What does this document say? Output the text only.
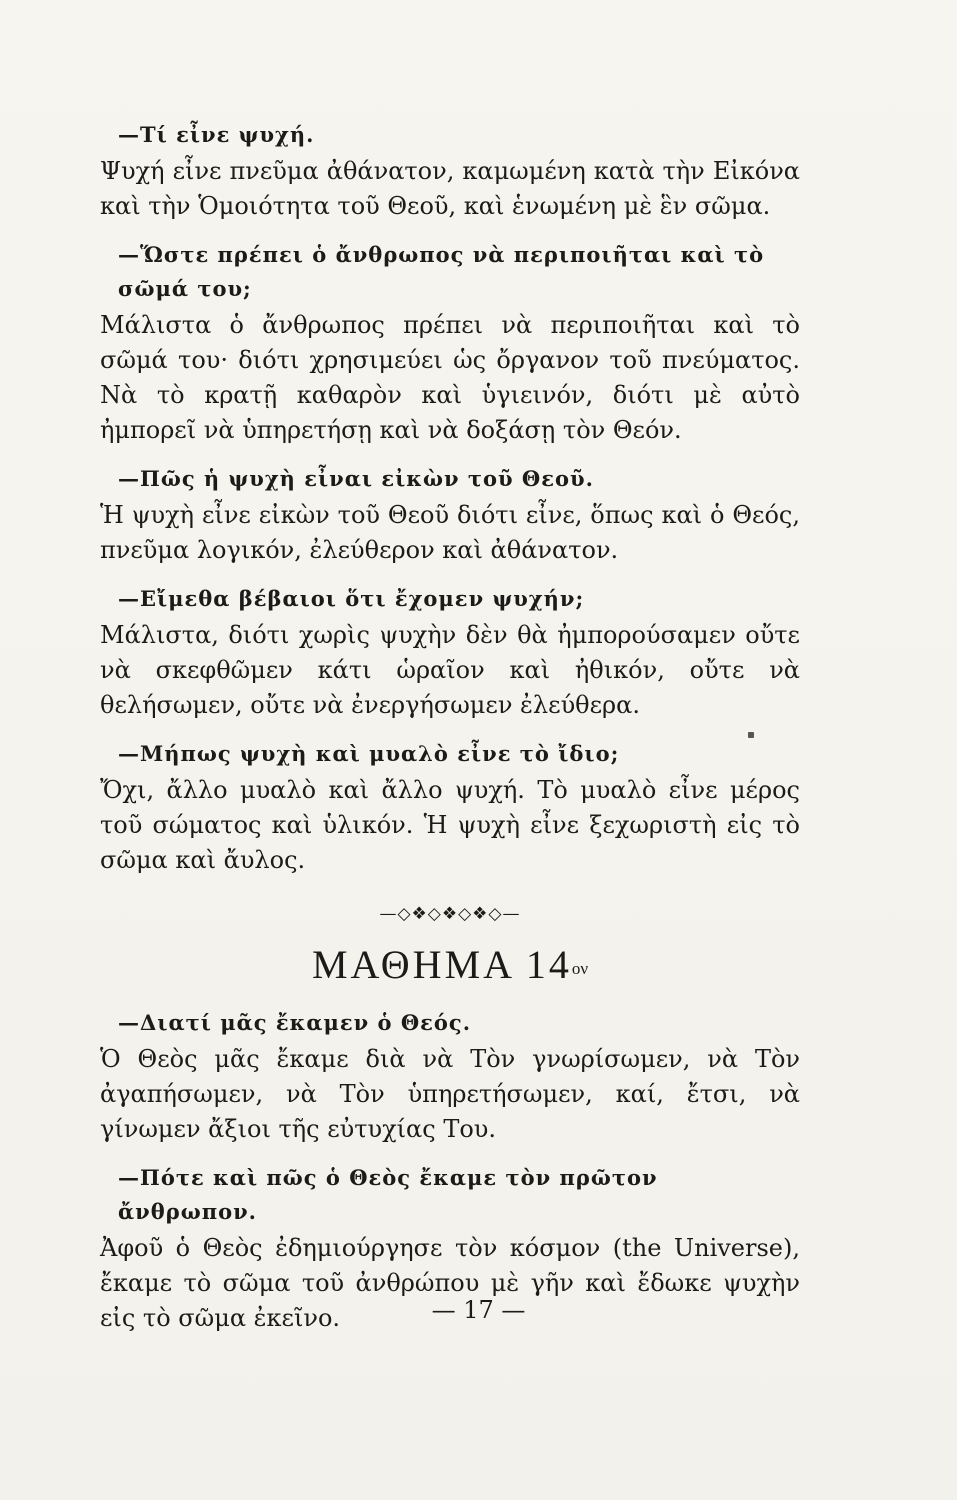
—Τί εἶνε ψυχή.

Ψυχή εἶνε πνεῦμα ἀθάνατον, καμωμένη κατὰ τὴν Εἰκόνα καὶ τὴν Ὁμοιότητα τοῦ Θεοῦ, καὶ ἑνωμένη μὲ ἓν σῶμα.

—Ὥστε πρέπει ὁ ἄνθρωπος νὰ περιποιῆται καὶ τὸ σῶμά του;

Μάλιστα ὁ ἄνθρωπος πρέπει νὰ περιποιῆται καὶ τὸ σῶμά του· διότι χρησιμεύει ὡς ὄργανον τοῦ πνεύματος. Νὰ τὸ κρατῇ καθαρὸν καὶ ὑγιεινόν, διότι μὲ αὐτὸ ἠμπορεῖ νὰ ὑπηρετήσῃ καὶ νὰ δοξάσῃ τὸν Θεόν.

—Πῶς ἡ ψυχὴ εἶναι εἰκὼν τοῦ Θεοῦ.

Ἡ ψυχὴ εἶνε εἰκὼν τοῦ Θεοῦ διότι εἶνε, ὅπως καὶ ὁ Θεός, πνεῦμα λογικόν, ἐλεύθερον καὶ ἀθάνατον.

—Εἴμεθα βέβαιοι ὅτι ἔχομεν ψυχήν;

Μάλιστα, διότι χωρὶς ψυχὴν δὲν θὰ ἠμπορούσαμεν οὔτε νὰ σκεφθῶμεν κάτι ὡραῖον καὶ ἠθικόν, οὔτε νὰ θελήσωμεν, οὔτε νὰ ἐνεργήσωμεν ἐλεύθερα.

—Μήπως ψυχὴ καὶ μυαλὸ εἶνε τὸ ἴδιο;

Ὄχι, ἄλλο μυαλὸ καὶ ἄλλο ψυχή. Τὸ μυαλὸ εἶνε μέρος τοῦ σώματος καὶ ὑλικόν. Ἡ ψυχὴ εἶνε ξεχωριστὴ εἰς τὸ σῶμα καὶ ἄυλος.

—◇❖◇❖◇❖◇—
ΜΑΘΗΜΑ $14^{o\nu}$

—Διατί μᾶς ἔκαμεν ὁ Θεός.

Ὁ Θεὸς μᾶς ἔκαμε διὰ νὰ Τὸν γνωρίσωμεν, νὰ Τὸν ἀγαπήσωμεν, νὰ Τὸν ὑπηρετήσωμεν, καί, ἔτσι, νὰ γίνωμεν ἄξιοι τῆς εὐτυχίας Του.

—Πότε καὶ πῶς ὁ Θεὸς ἔκαμε τὸν πρῶτον ἄνθρωπον.

Ἀφοῦ ὁ Θεὸς ἐδημιούργησε τὸν κόσμον (the Universe), ἔκαμε τὸ σῶμα τοῦ ἀνθρώπου μὲ γῆν καὶ ἔδωκε ψυχὴν εἰς τὸ σῶμα ἐκεῖνο.	— 17 —
